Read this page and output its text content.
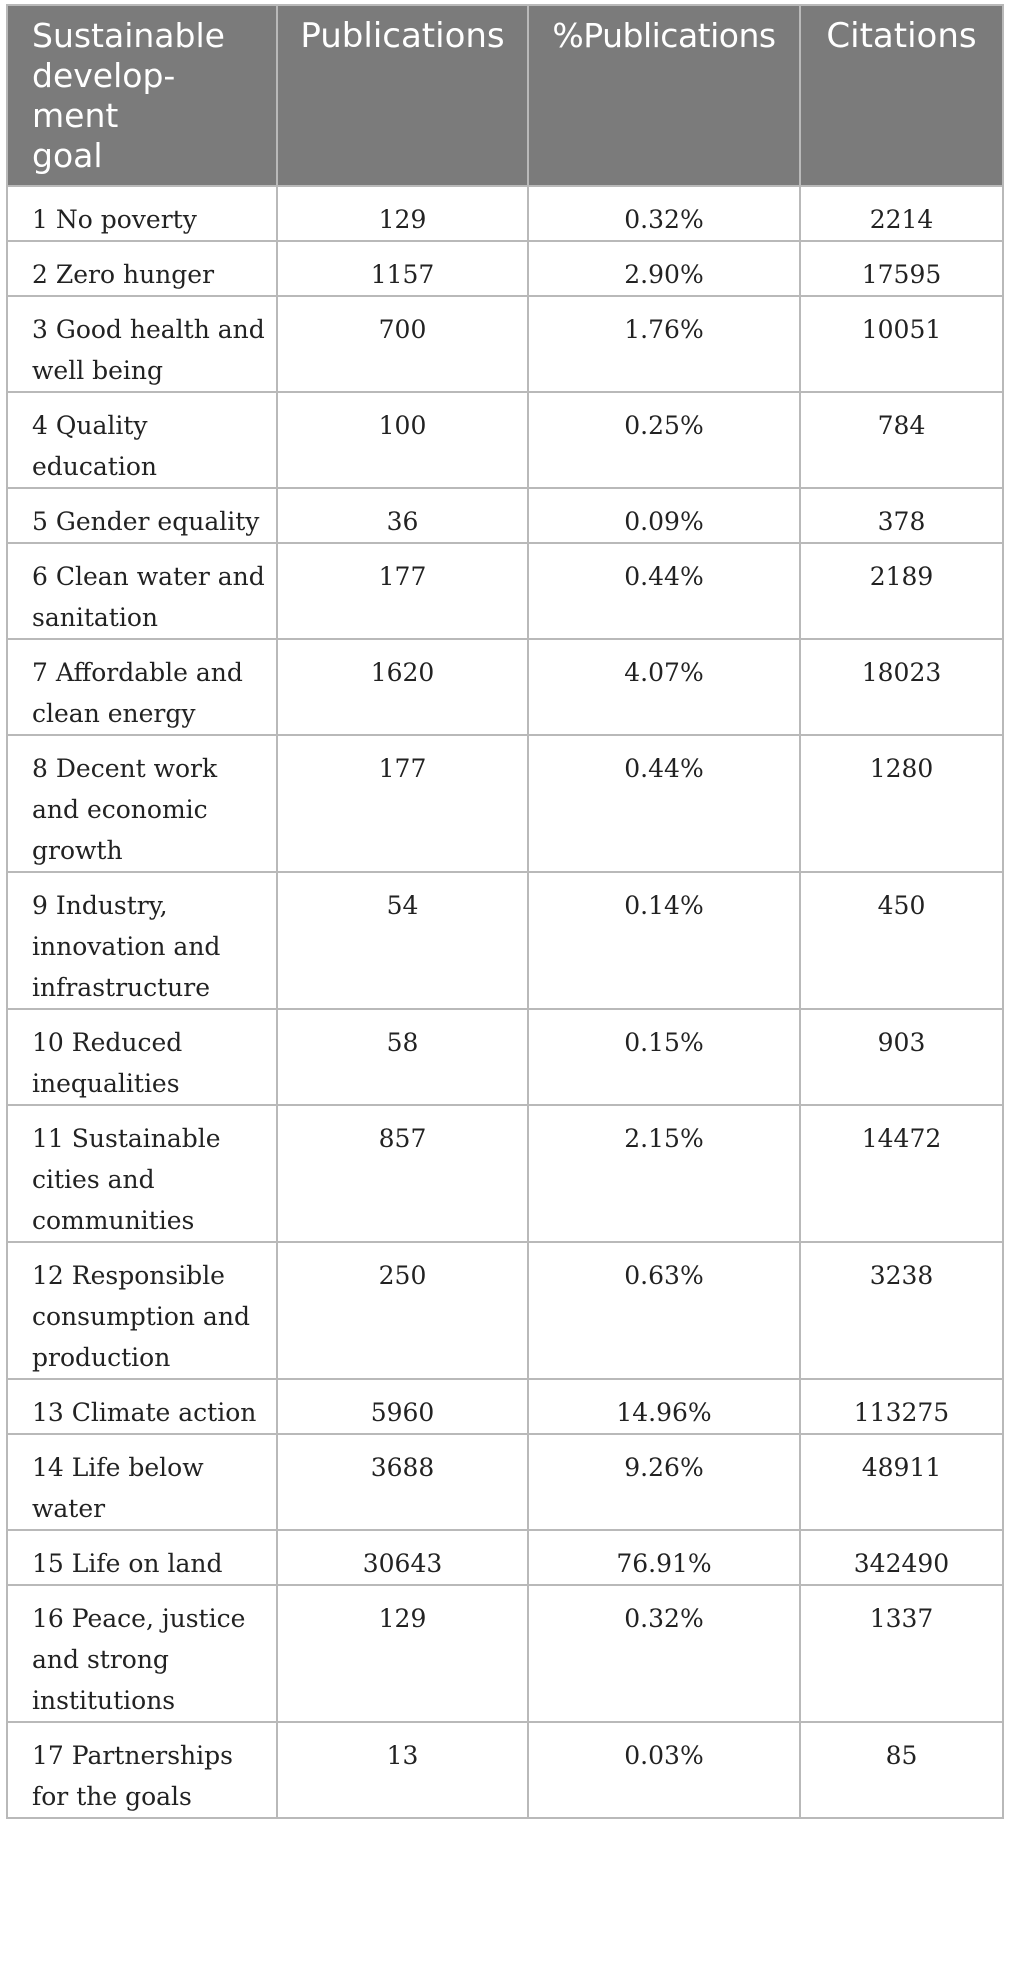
Sustainable
develop-
ment
goal	Publications	%Publications	Citations

1 No poverty	129	0.32%	2214

2 Zero hunger	1157	2.90%	17595

3 Good health and
well being	700	1.76%	10051

4 Quality
education	100	0.25%	784

5 Gender equality	36	0.09%	378

6 Clean water and
sanitation	177	0.44%	2189

7 Affordable and
clean energy	1620	4.07%	18023

8 Decent work
and economic
growth	177	0.44%	1280

9 Industry,
innovation and
infrastructure	54	0.14%	450

10 Reduced
inequalities	58	0.15%	903

11 Sustainable
cities and
communities	857	2.15%	14472

12 Responsible
consumption and
production	250	0.63%	3238

13 Climate action	5960	14.96%	113275

14 Life below
water	3688	9.26%	48911

15 Life on land	30643	76.91%	342490

16 Peace, justice
and strong
institutions	129	0.32%	1337

17 Partnerships
for the goals	13	0.03%	85
